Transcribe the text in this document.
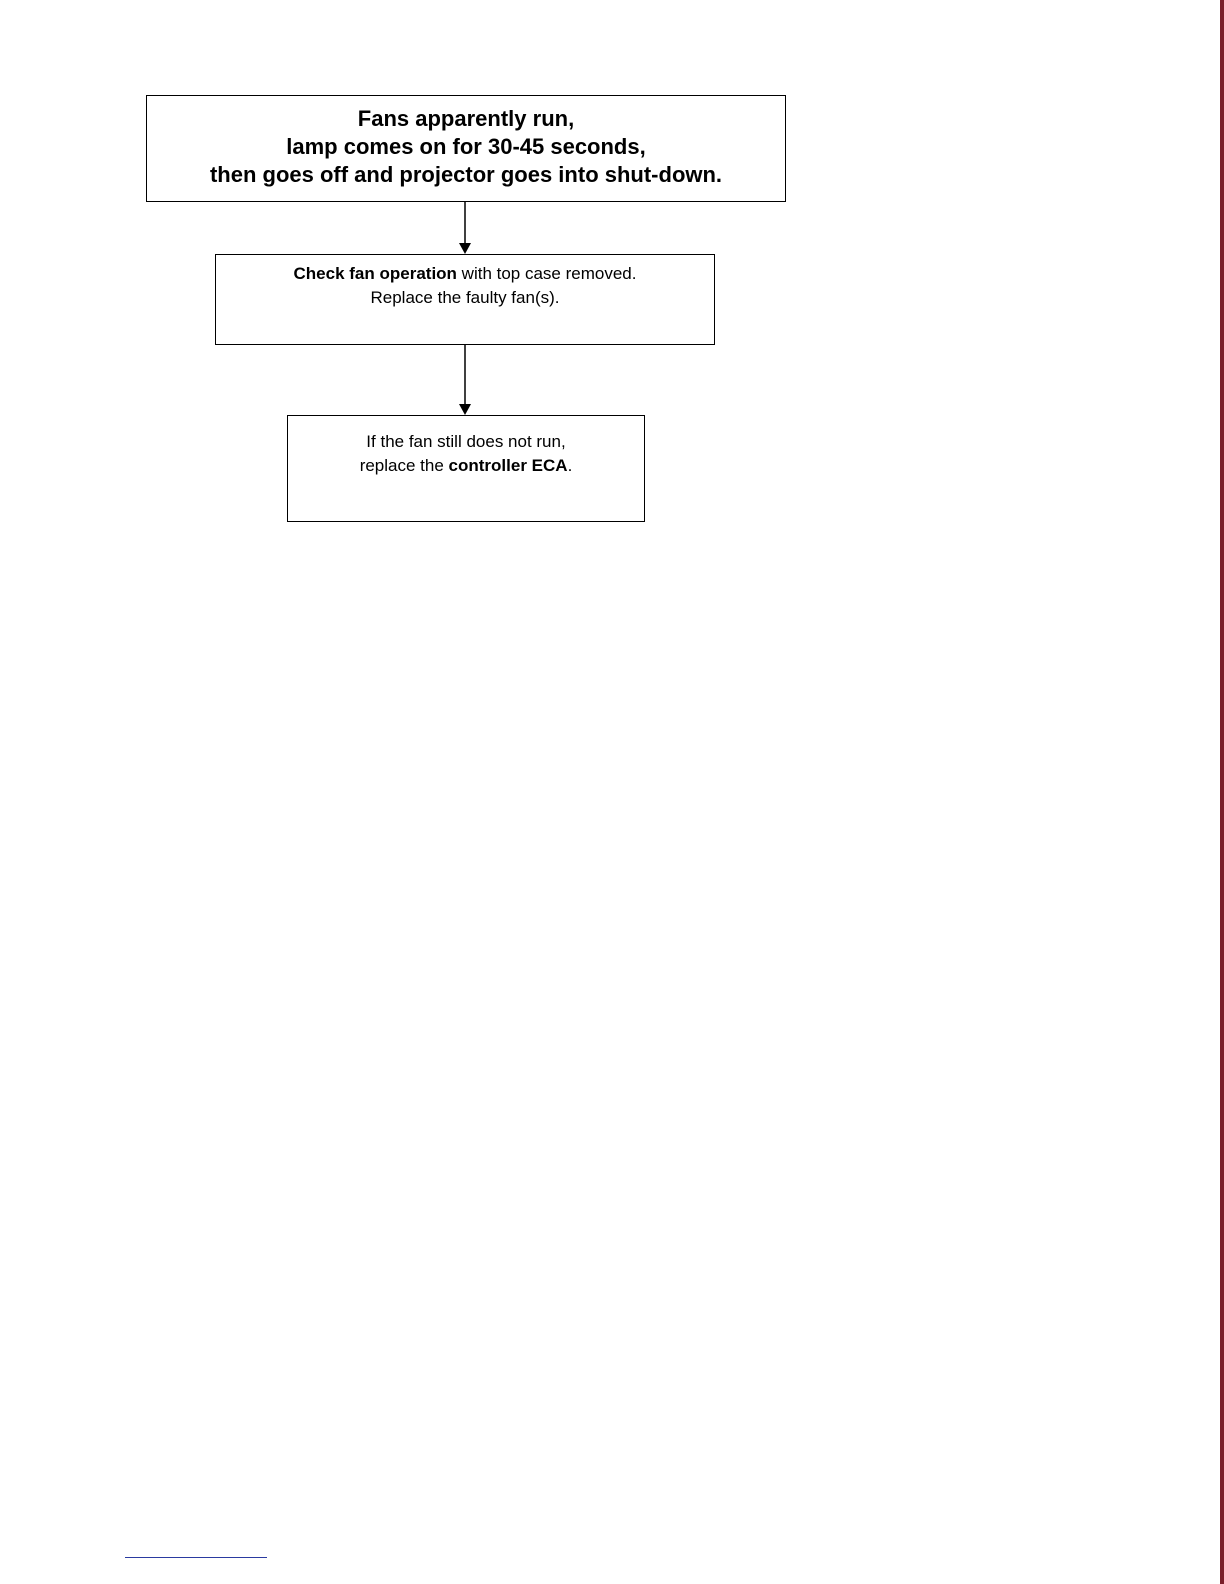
Fans apparently run,
lamp comes on for 30-45 seconds,
then goes off and projector goes into shut-down.
Check fan operation with top case removed.
Replace the faulty fan(s).
If the fan still does not run,
replace the controller ECA.
